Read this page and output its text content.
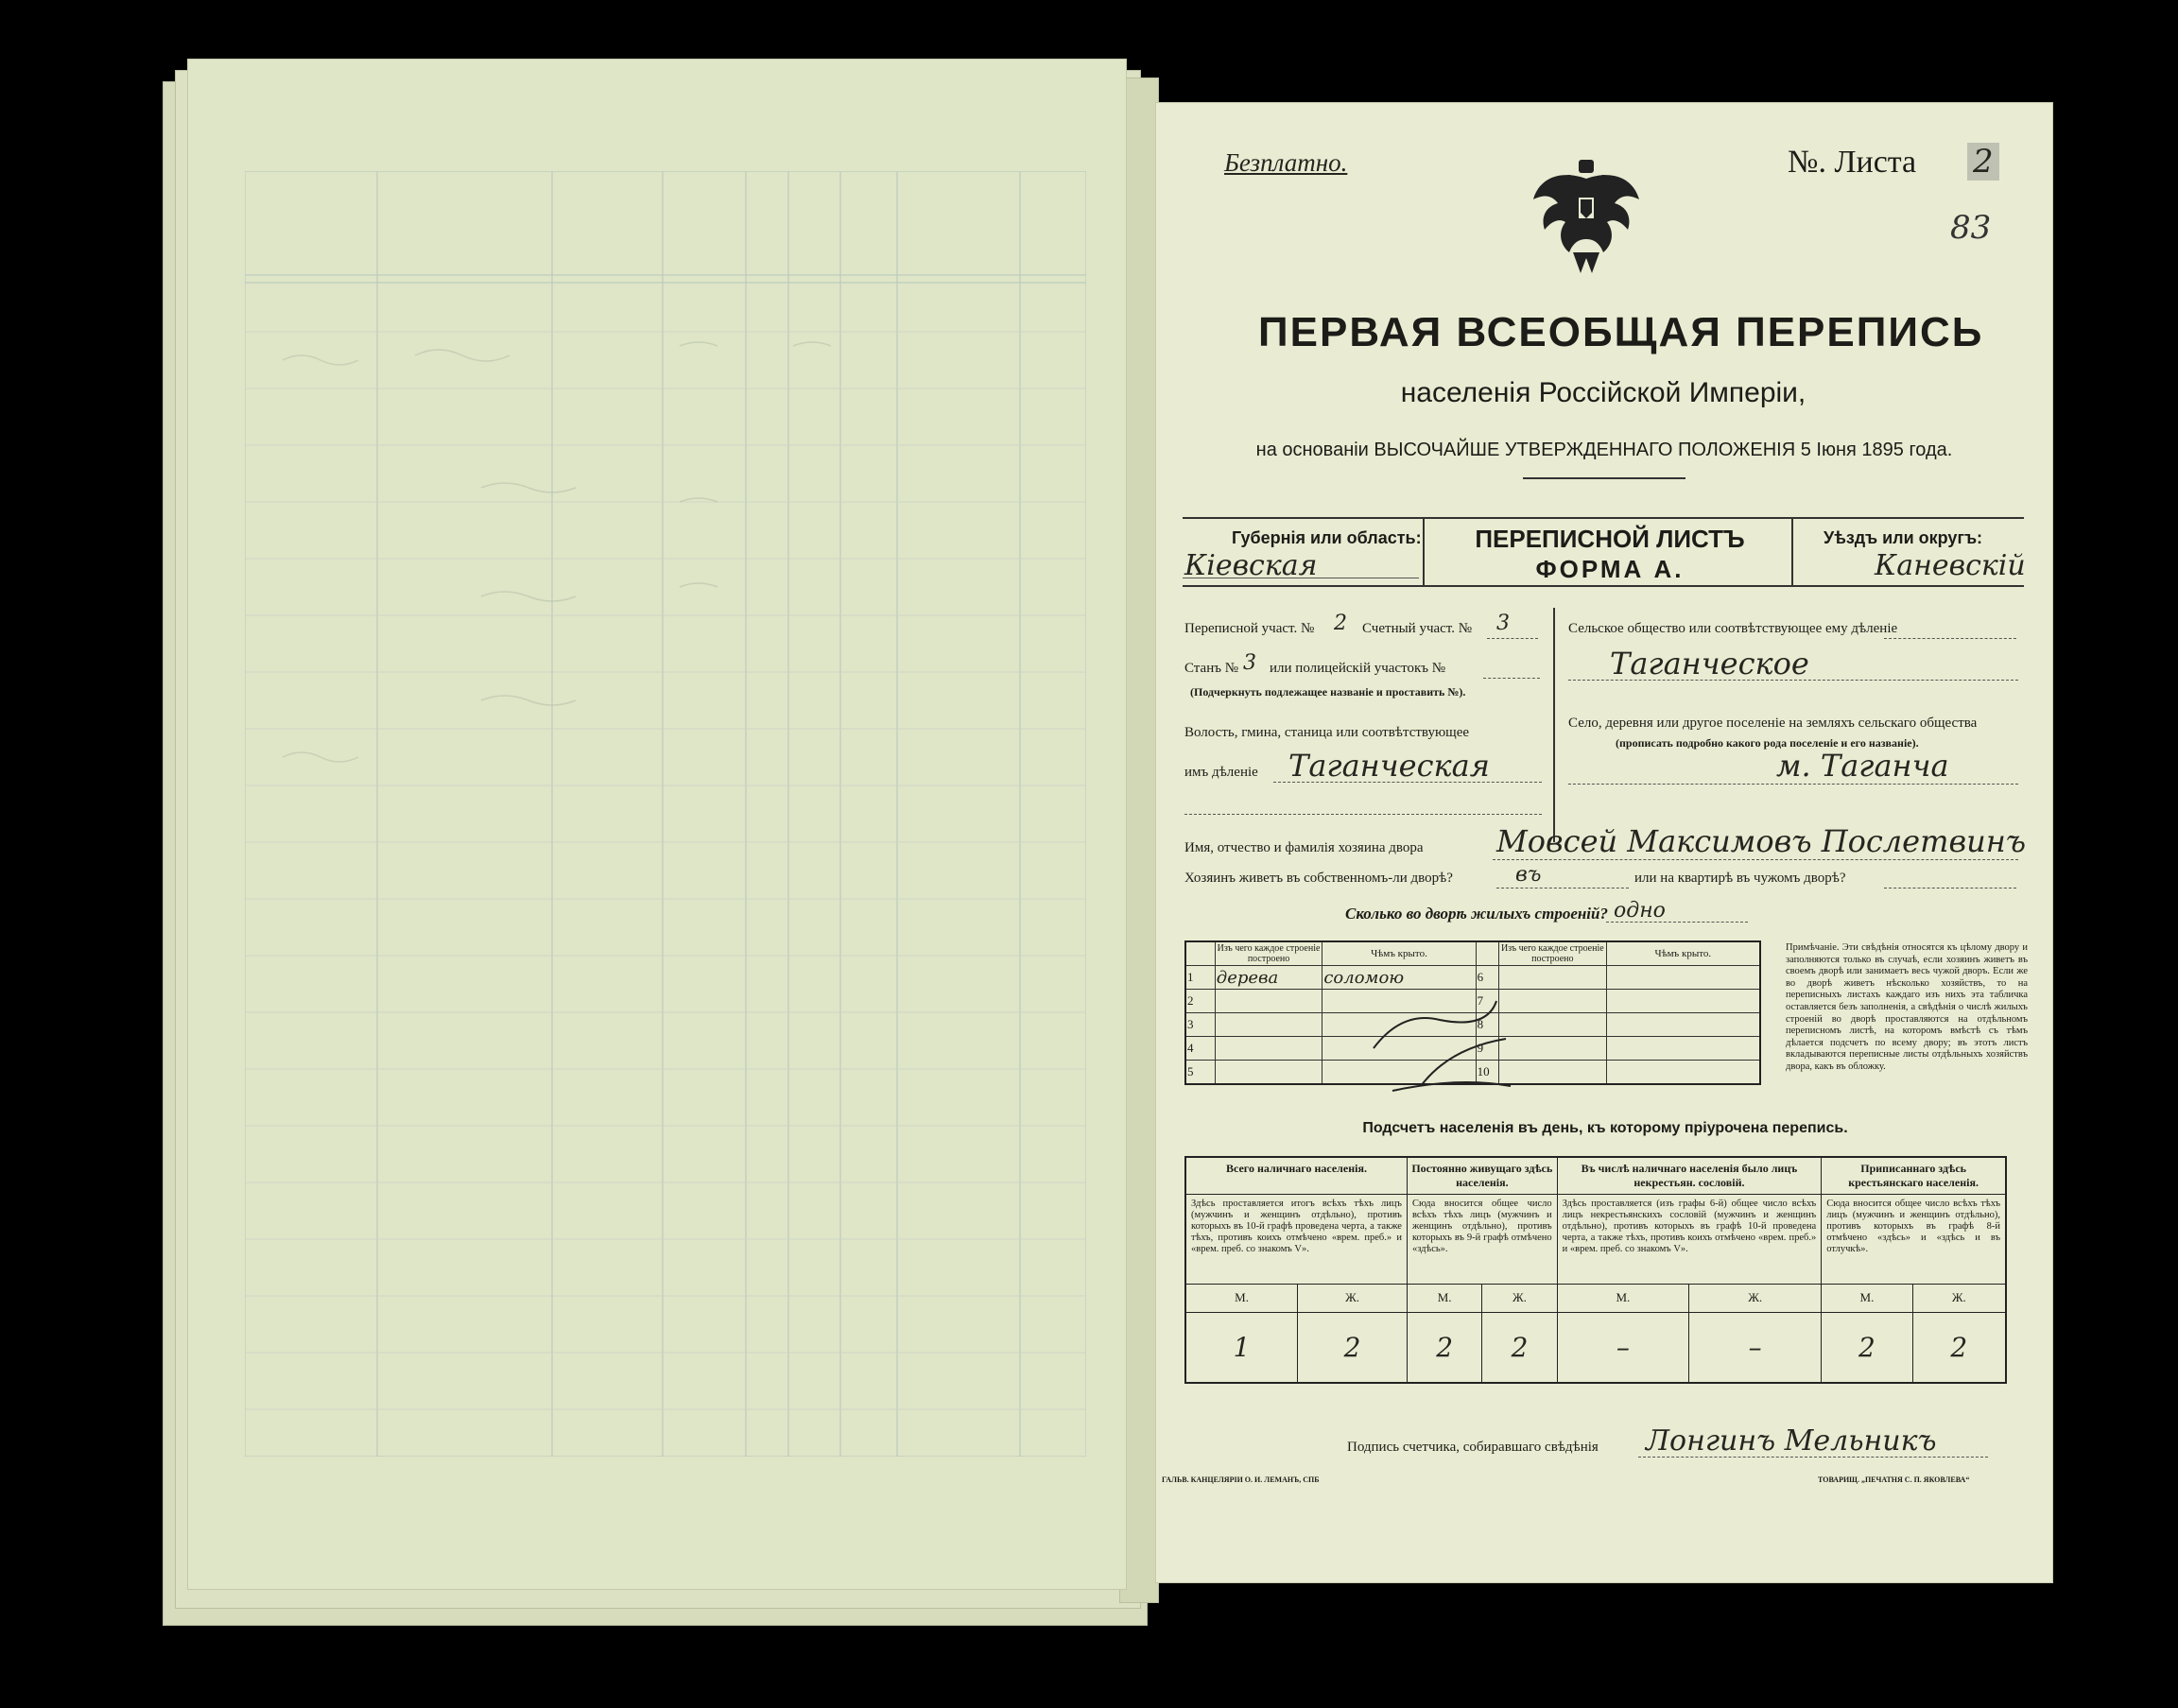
Безплатно.	№. Листа 2
83
ПЕРВАЯ ВСЕОБЩАЯ ПЕРЕПИСЬ
населенія Россійской Имперіи,
на основаніи ВЫСОЧАЙШЕ УТВЕРЖДЕННАГО ПОЛОЖЕНІЯ 5 Іюня 1895 года.
Губернія или область:
Кіевская
ПЕРЕПИСНОЙ ЛИСТЪ
ФОРМА А.
Уѣздъ или округъ:
Каневскій
Переписной участ. № 2 Счетный участ. № 3
Станъ № 3 или полицейскій участокъ №
(Подчеркнуть подлежащее названіе и проставить №).
Волость, гмина, станица или соотвѣтствующее
имъ дѣленіе Таганческая
Сельское общество или соотвѣтствующее ему дѣленіе
Таганческое
Село, деревня или другое поселеніе на земляхъ сельскаго общества
(прописать подробно какого рода поселеніе и его названіе).
м. Таганча
Имя, отчество и фамилія хозяина двора Мовсей Максимовъ Послетвинъ
Хозяинъ живетъ въ собственномъ-ли дворѣ?	въ	или на квартирѣ въ чужомъ дворѣ?
Сколько во дворѣ жилыхъ строеній? одно
	Изъ чего каждое строеніе построено	Чѣмъ крыто.		Изъ чего каждое строеніе построено	Чѣмъ крыто.
1	дерева	соломою	6		
2			7		
3			8		
4			9		
5			10		
Примѣчаніе. Эти свѣдѣнія относятся къ цѣлому двору и заполняются только въ случаѣ, если хозяинъ живетъ въ своемъ дворѣ или занимаетъ весь чужой дворъ. Если же во дворѣ живетъ нѣсколько хозяйствъ, то на переписныхъ листахъ каждаго изъ нихъ эта табличка оставляется безъ заполненія, а свѣдѣнія о числѣ жилыхъ строеній во дворѣ проставляются на отдѣльномъ переписномъ листѣ, на которомъ вмѣстѣ съ тѣмъ дѣлается подсчетъ по всему двору; въ этотъ листъ вкладываются переписные листы отдѣльныхъ хозяйствъ двора, какъ въ обложку.
Подсчетъ населенія въ день, къ которому пріурочена перепись.
Всего наличнаго населенія.		Постоянно живущаго здѣсь населенія.		Въ числѣ наличнаго населенія было лицъ некрестьян. сословій.		Приписаннаго здѣсь крестьянскаго населенія.	
Здѣсь проставляется итогъ всѣхъ тѣхъ лицъ (мужчинъ и женщинъ отдѣльно), противъ которыхъ въ 10-й графѣ проведена черта, а также тѣхъ, противъ коихъ отмѣчено «врем. преб.» и «врем. преб. со знакомъ V».		Сюда вносится общее число всѣхъ тѣхъ лицъ (мужчинъ и женщинъ отдѣльно), противъ которыхъ въ 9-й графѣ отмѣчено «здѣсь».		Здѣсь проставляется (изъ графы 6-й) общее число всѣхъ лицъ некрестьянскихъ сословій (мужчинъ и женщинъ отдѣльно), противъ которыхъ въ графѣ 10-й проведена черта, а также тѣхъ, противъ коихъ отмѣчено «врем. преб.» и «врем. преб. со знакомъ V».		Сюда вносится общее число всѣхъ тѣхъ лицъ (мужчинъ и женщинъ отдѣльно), противъ которыхъ въ графѣ 8-й отмѣчено «здѣсь» и «здѣсь и въ отлучкѣ».	
М.	Ж.	М.	Ж.	М.	Ж.	М.	Ж.
1	2	2	2	–	–	2	2
Подпись счетчика, собиравшаго свѣдѣнія Лонгинъ Мельникъ
ГАЛЬВ. КАНЦЕЛЯРІИ О. И. ЛЕМАНЪ, СПБ	ТОВАРИЩ. „ПЕЧАТНЯ С. П. ЯКОВЛЕВА“
